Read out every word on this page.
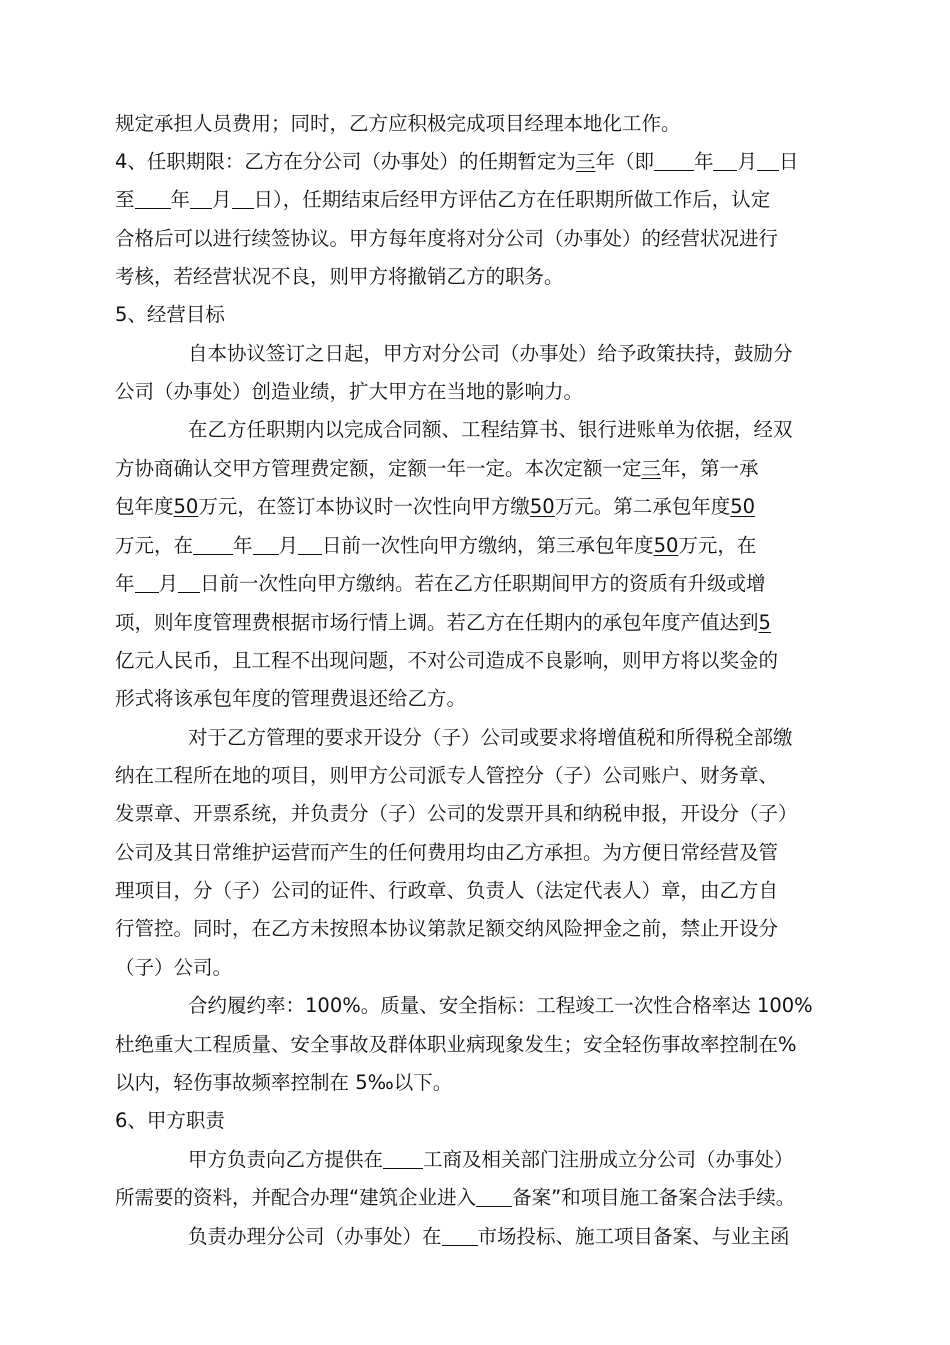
规定承担人员费用；同时，乙方应积极完成项目经理本地化工作。
4、任职期限：乙方在分公司（办事处）的任期暂定为三年（即 年 月 日
至 年 月 日），任期结束后经甲方评估乙方在任职期所做工作后，认定
合格后可以进行续签协议。甲方每年度将对分公司（办事处）的经营状况进行
考核，若经营状况不良，则甲方将撤销乙方的职务。
5、经营目标
自本协议签订之日起，甲方对分公司（办事处）给予政策扶持，鼓励分
公司（办事处）创造业绩，扩大甲方在当地的影响力。
在乙方任职期内以完成合同额、工程结算书、银行进账单为依据，经双
方协商确认交甲方管理费定额，定额一年一定。本次定额一定三年，第一承
包年度50万元，在签订本协议时一次性向甲方缴50万元。第二承包年度50
万元，在 年 月 日前一次性向甲方缴纳，第三承包年度50万元，在
年 月 日前一次性向甲方缴纳。若在乙方任职期间甲方的资质有升级或增
项，则年度管理费根据市场行情上调。若乙方在任期内的承包年度产值达到5
亿元人民币，且工程不出现问题，不对公司造成不良影响，则甲方将以奖金的
形式将该承包年度的管理费退还给乙方。
对于乙方管理的要求开设分（子）公司或要求将增值税和所得税全部缴
纳在工程所在地的项目，则甲方公司派专人管控分（子）公司账户、财务章、
发票章、开票系统，并负责分（子）公司的发票开具和纳税申报，开设分（子）
公司及其日常维护运营而产生的任何费用均由乙方承担。为方便日常经营及管
理项目，分（子）公司的证件、行政章、负责人（法定代表人）章，由乙方自
行管控。同时，在乙方未按照本协议第款足额交纳风险押金之前，禁止开设分
（子）公司。
合约履约率：100%。质量、安全指标：工程竣工一次性合格率达 100%
杜绝重大工程质量、安全事故及群体职业病现象发生；安全轻伤事故率控制在%
以内，轻伤事故频率控制在 5‰以下。
6、甲方职责
甲方负责向乙方提供在 工商及相关部门注册成立分公司（办事处）
所需要的资料，并配合办理“建筑企业进入 备案”和项目施工备案合法手续。
负责办理分公司（办事处）在 市场投标、施工项目备案、与业主函
